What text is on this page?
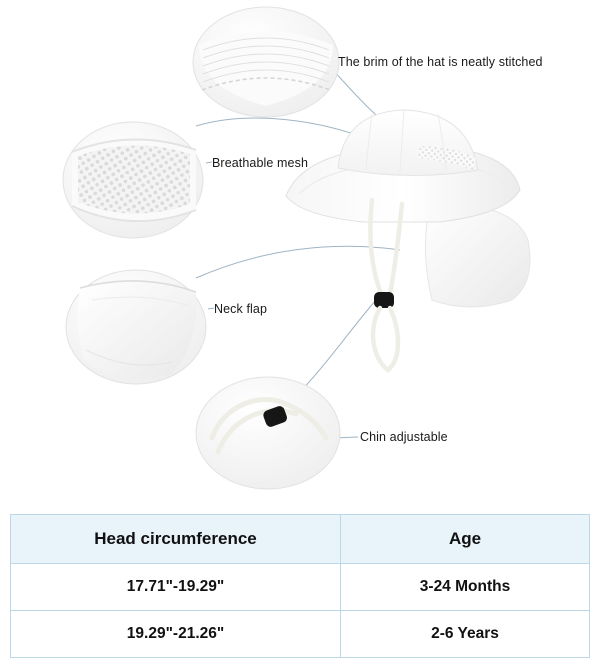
The brim of the hat is neatly stitched
Breathable mesh
Neck flap
Chin adjustable
Head circumference	Age
17.71"-19.29"	3-24 Months
19.29"-21.26"	2-6 Years
